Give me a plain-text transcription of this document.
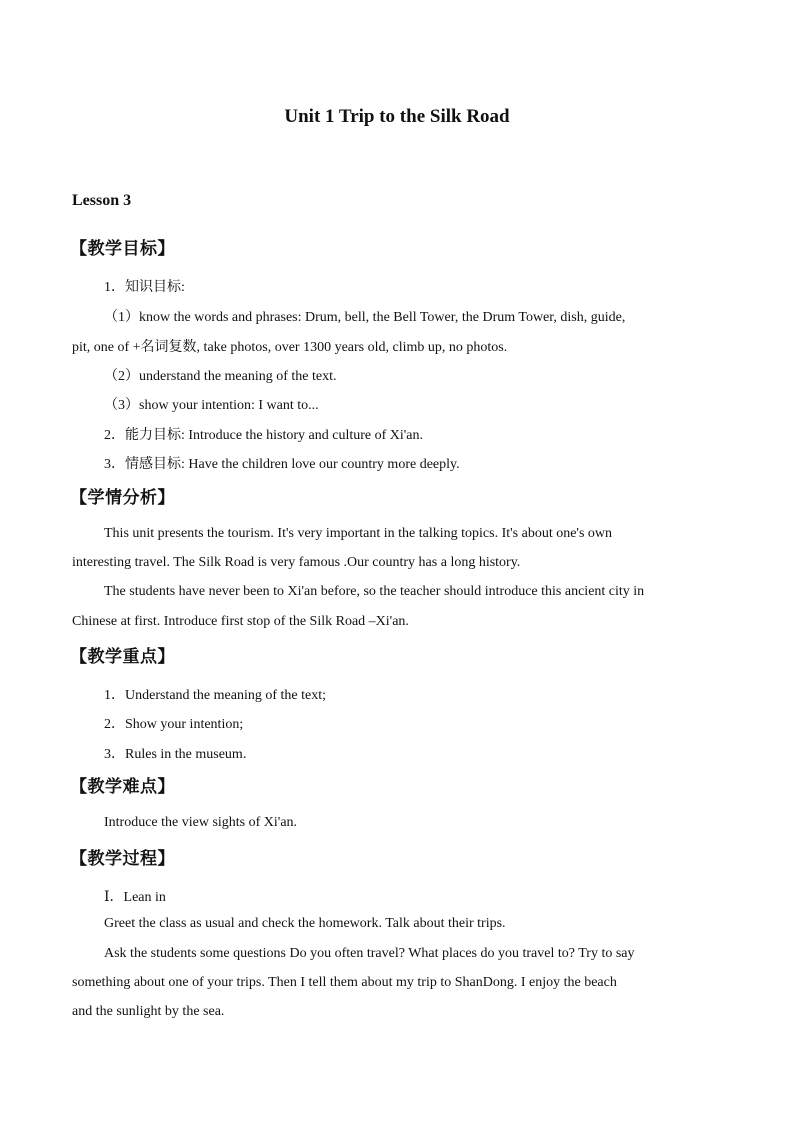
Unit 1 Trip to the Silk Road
Lesson 3
【教学目标】
1．知识目标:
（1）know the words and phrases: Drum, bell, the Bell Tower, the Drum Tower, dish, guide,
pit, one of +名词复数, take photos, over 1300 years old, climb up, no photos.
（2）understand the meaning of the text.
（3）show your intention: I want to...
2．能力目标: Introduce the history and culture of Xi'an.
3．情感目标: Have the children love our country more deeply.
【学情分析】
This unit presents the tourism. It's very important in the talking topics. It's about one's own
interesting travel. The Silk Road is very famous .Our country has a long history.
The students have never been to Xi'an before, so the teacher should introduce this ancient city in
Chinese at first. Introduce first stop of the Silk Road –Xi'an.
【教学重点】
1．Understand the meaning of the text;
2．Show your intention;
3．Rules in the museum.
【教学难点】
Introduce the view sights of Xi'an.
【教学过程】
Ⅰ．Lean in
Greet the class as usual and check the homework. Talk about their trips.
Ask the students some questions Do you often travel? What places do you travel to? Try to say
something about one of your trips. Then I tell them about my trip to ShanDong. I enjoy the beach
and the sunlight by the sea.
